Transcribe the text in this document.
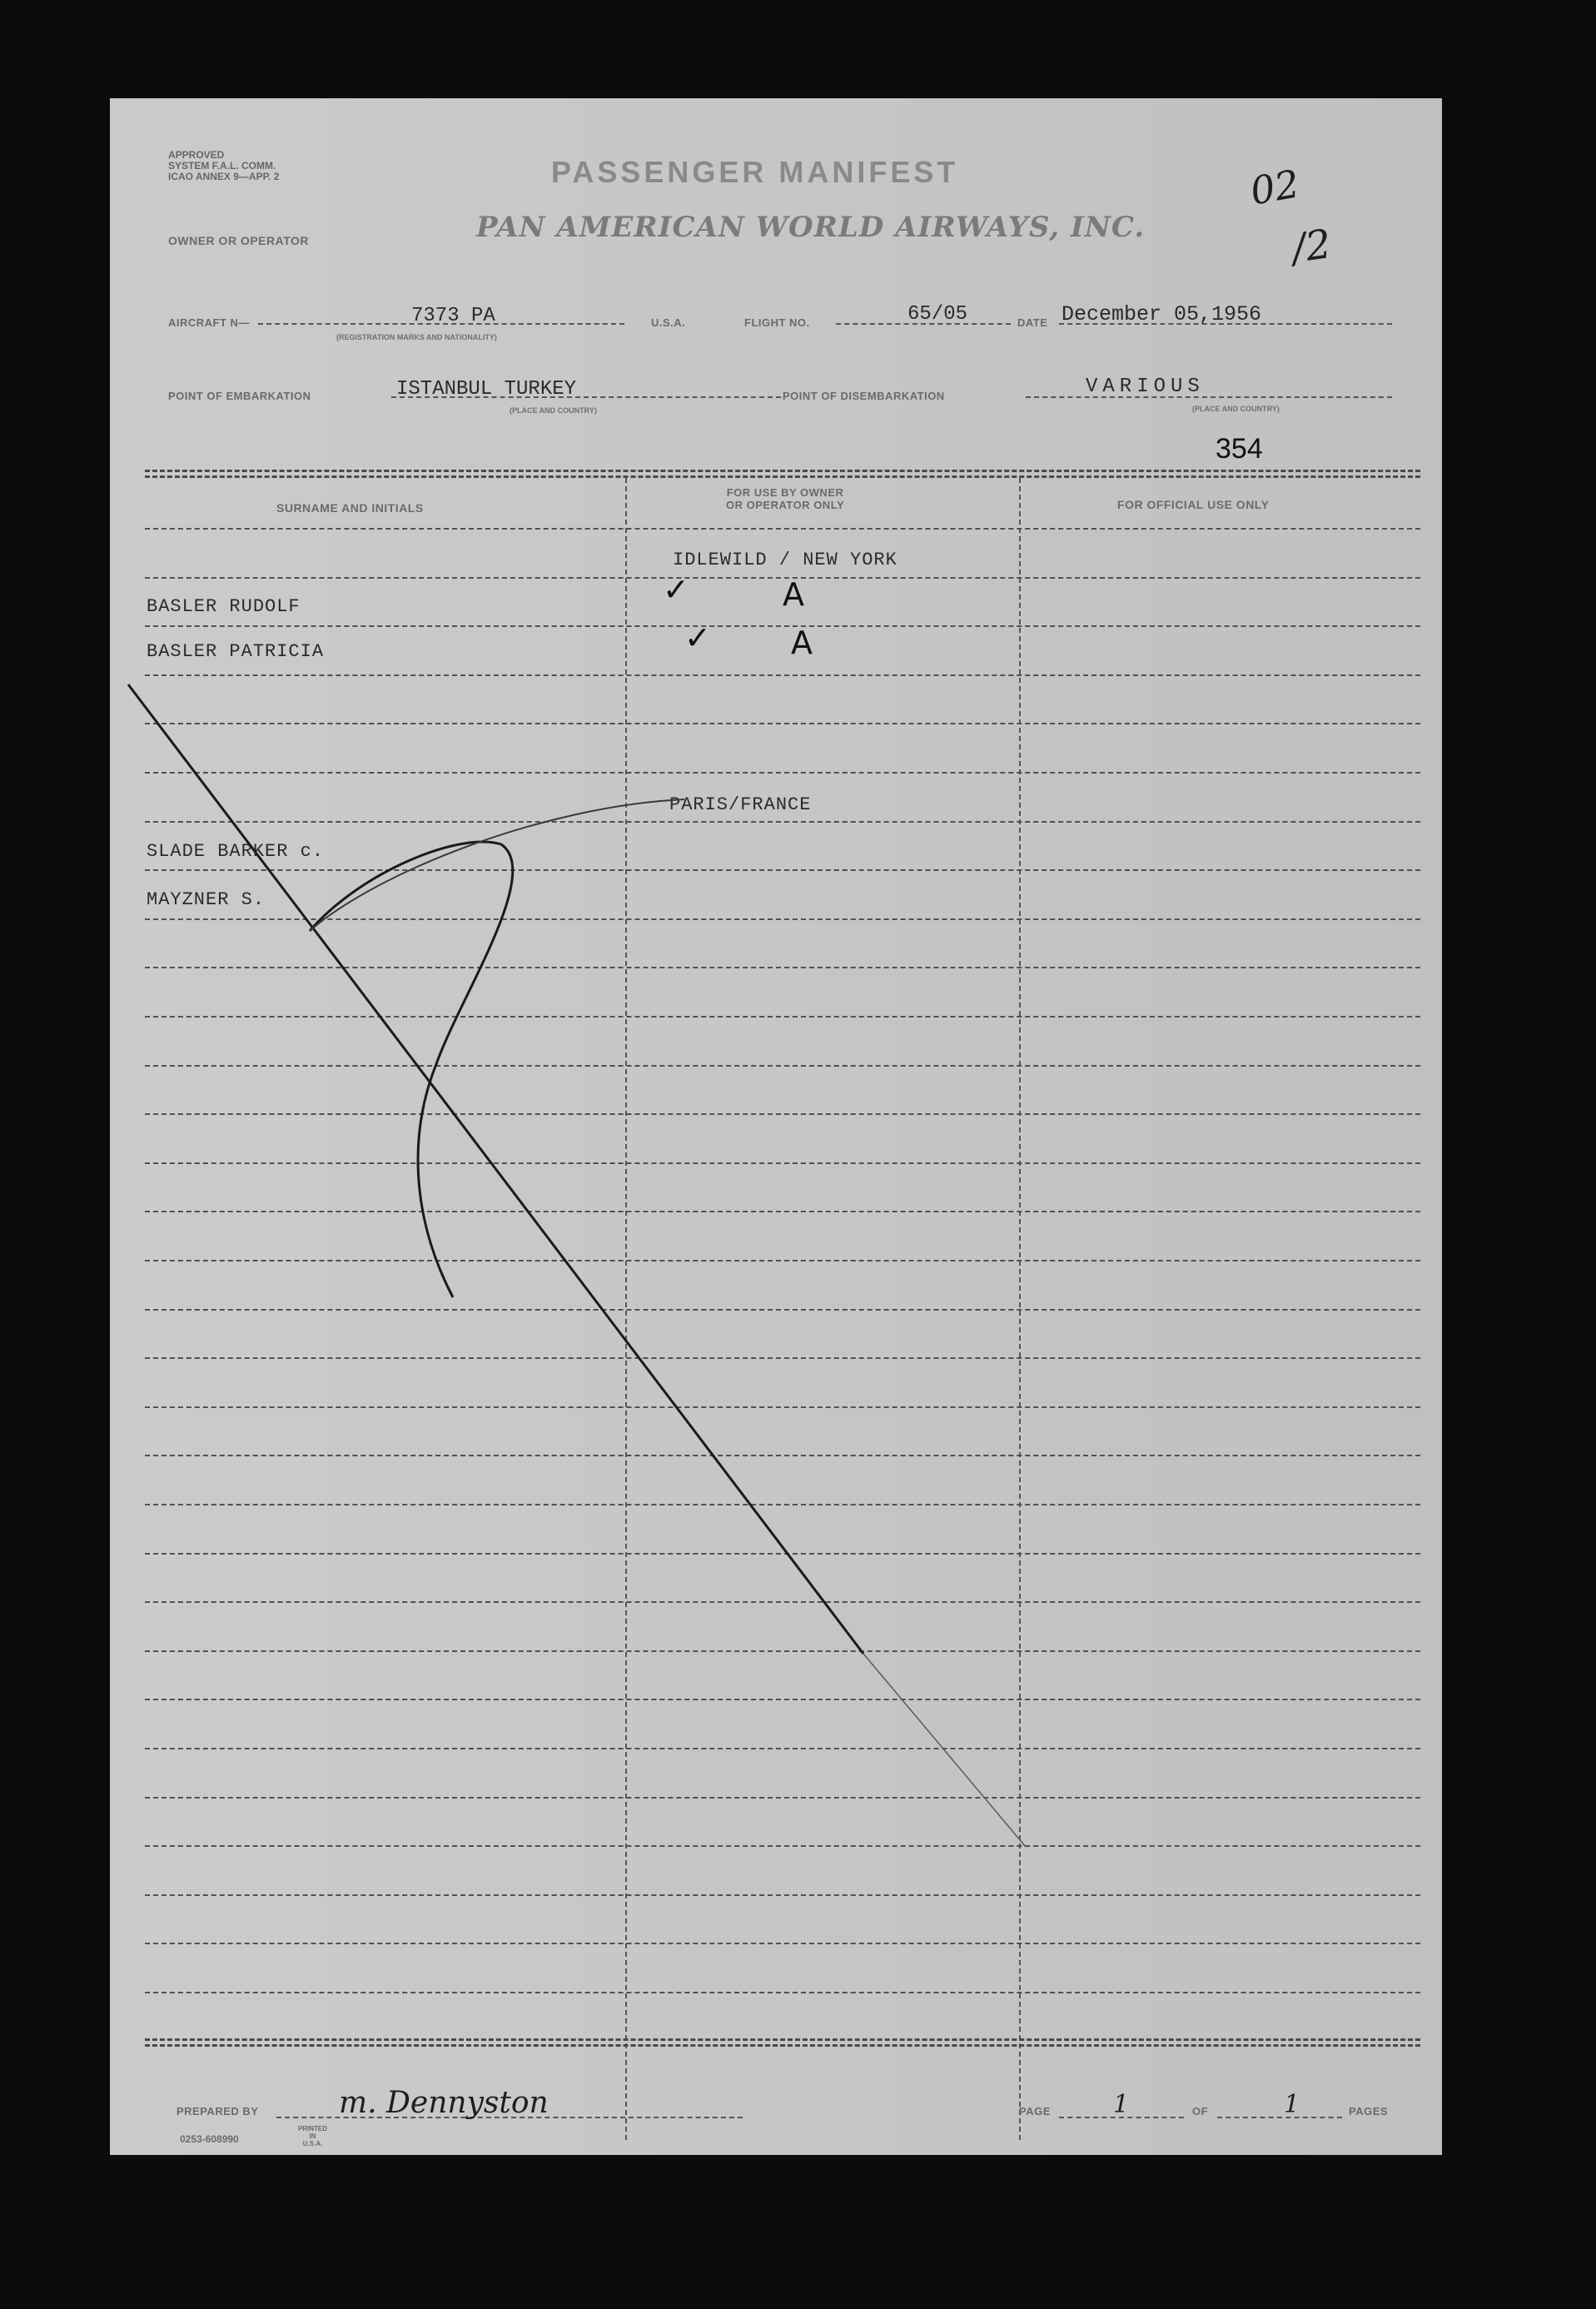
APPROVED
SYSTEM F.A.L. COMM.
ICAO ANNEX 9—APP. 2	PASSENGER MANIFEST
OWNER OR OPERATOR	PAN AMERICAN WORLD AIRWAYS, INC.
02
/2
AIRCRAFT N—	7373 PA
(REGISTRATION MARKS AND NATIONALITY)
U.S.A.	FLIGHT NO.	65/05	DATE December 05,1956
POINT OF EMBARKATION	ISTANBUL TURKEY
(PLACE AND COUNTRY)
POINT OF DISEMBARKATION	VARIOUS
(PLACE AND COUNTRY)
354
SURNAME AND INITIALS
FOR USE BY OWNER
OR OPERATOR ONLY	FOR OFFICIAL USE ONLY
IDLEWILD / NEW YORK
BASLER RUDOLF	✓	A
BASLER PATRICIA	✓	A
PARIS/FRANCE
SLADE BARKER c.
MAYZNER S.
PREPARED BY	m. Dennyston	PAGE	1	OF	1	PAGES
0253-608990
PRINTED
IN
U.S.A.
